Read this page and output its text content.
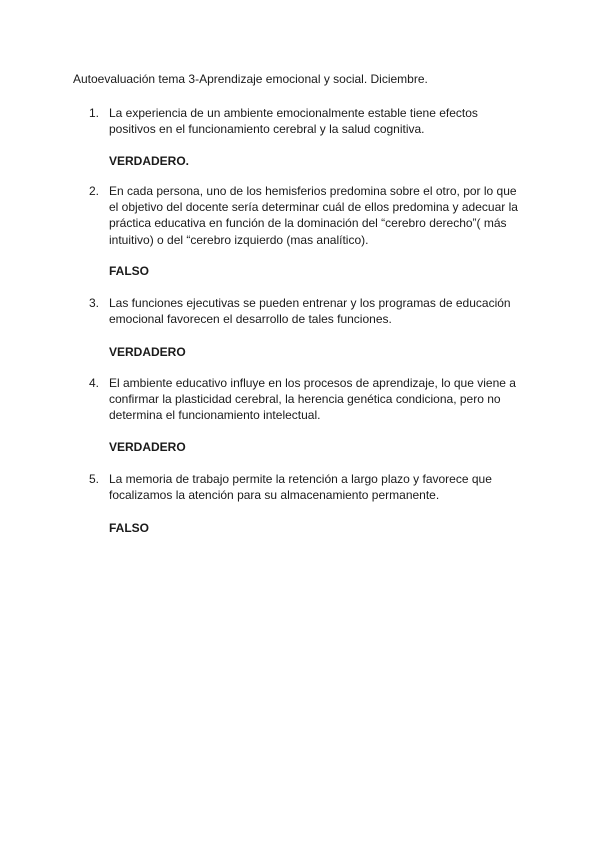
Autoevaluación tema 3-Aprendizaje emocional y social. Diciembre.
1. La experiencia de un ambiente emocionalmente estable tiene efectos
positivos en el funcionamiento cerebral y la salud cognitiva.

VERDADERO.
2. En cada persona, uno de los hemisferios predomina sobre el otro, por lo que
el objetivo del docente sería determinar cuál de ellos predomina y adecuar la
práctica educativa en función de la dominación del “cerebro derecho”( más
intuitivo) o del “cerebro izquierdo (mas analítico).

FALSO
3. Las funciones ejecutivas se pueden entrenar y los programas de educación
emocional favorecen el desarrollo de tales funciones.

VERDADERO
4. El ambiente educativo influye en los procesos de aprendizaje, lo que viene a
confirmar la plasticidad cerebral, la herencia genética condiciona, pero no
determina el funcionamiento intelectual.

VERDADERO
5. La memoria de trabajo permite la retención a largo plazo y favorece que
focalizamos la atención para su almacenamiento permanente.

FALSO
